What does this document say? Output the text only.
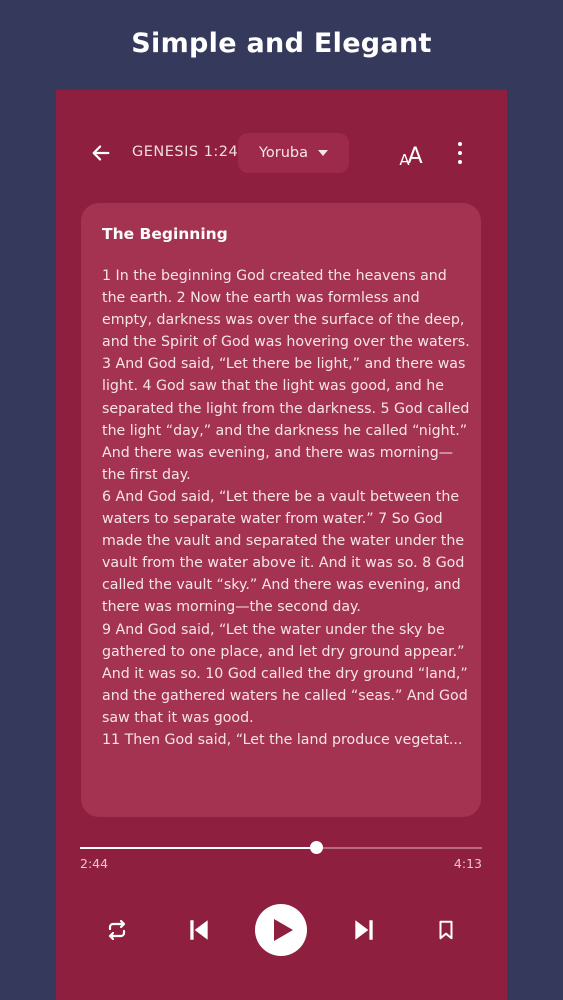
Simple and Elegant
GENESIS 1:24 Yoruba	A
A
The Beginning

1 In the beginning God created the heavens and the earth. 2 Now the earth was formless and empty, darkness was over the surface of the deep, and the Spirit of God was hovering over the waters.

3 And God said, “Let there be light,” and there was light. 4 God saw that the light was good, and he separated the light from the darkness. 5 God called the light “day,” and the darkness he called “night.” And there was evening, and there was morning—the first day.

6 And God said, “Let there be a vault between the waters to separate water from water.” 7 So God made the vault and separated the water under the vault from the water above it. And it was so. 8 God called the vault “sky.” And there was evening, and there was morning—the second day.

9 And God said, “Let the water under the sky be gathered to one place, and let dry ground appear.” And it was so. 10 God called the dry ground “land,” and the gathered waters he called “seas.” And God saw that it was good.

11 Then God said, “Let the land produce vegetat...

2:44	4:13
